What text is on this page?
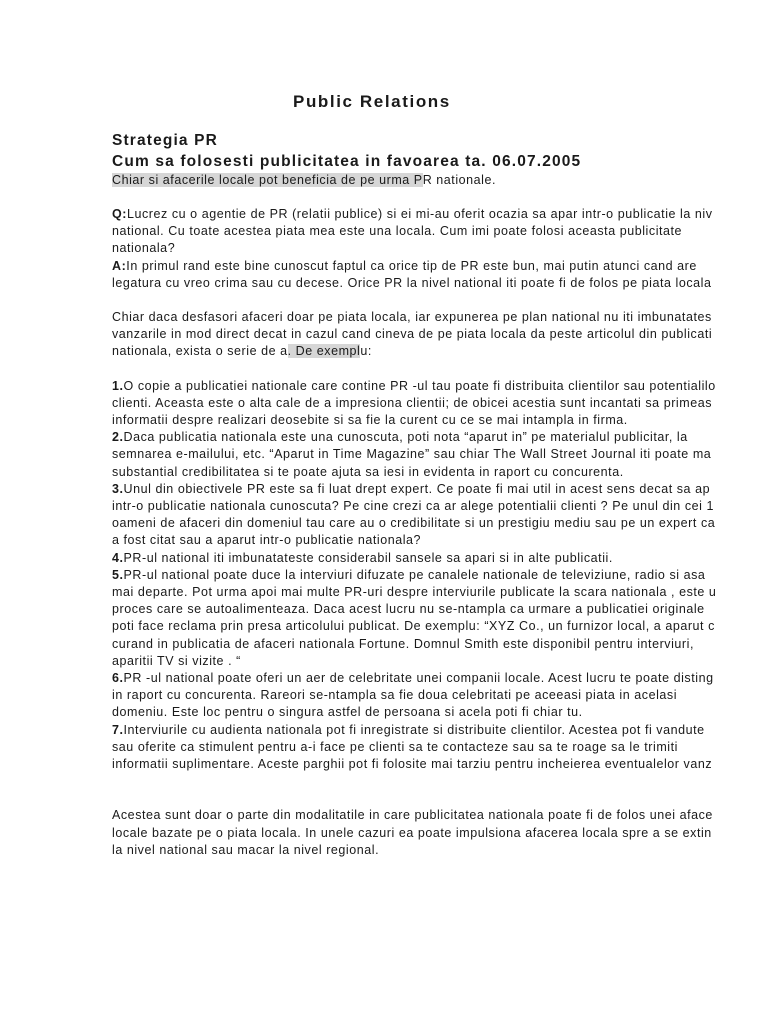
Public Relations
Strategia PR
Cum sa folosesti publicitatea in favoarea ta. 06.07.2005
Chiar si afacerile locale pot beneficia de pe urma PR nationale.
Q:Lucrez cu o agentie de PR (relatii publice) si ei mi-au oferit ocazia sa apar intr-o publicatie la niv
national. Cu toate acestea piata mea este una locala. Cum imi poate folosi aceasta publicitate
nationala?
A:In primul rand este bine cunoscut faptul ca orice tip de PR este bun, mai putin atunci cand are
legatura cu vreo crima sau cu decese. Orice PR la nivel national iti poate fi de folos pe piata locala
Chiar daca desfasori afaceri doar pe piata locala, iar expunerea pe plan national nu iti imbunatates
vanzarile in mod direct decat in cazul cand cineva de pe piata locala da peste articolul din publicati
nationala, exista o serie de a. De exemplu:
1.O copie a publicatiei nationale care contine PR -ul tau poate fi distribuita clientilor sau potentialilo
clienti. Aceasta este o alta cale de a impresiona clientii; de obicei acestia sunt incantati sa primeas
informatii despre realizari deosebite si sa fie la curent cu ce se mai intampla in firma.
2.Daca publicatia nationala este una cunoscuta, poti nota “aparut in” pe materialul publicitar, la
semnarea e-mailului, etc. “Aparut in Time Magazine” sau chiar The Wall Street Journal iti poate ma
substantial credibilitatea si te poate ajuta sa iesi in evidenta in raport cu concurenta.
3.Unul din obiectivele PR este sa fi luat drept expert. Ce poate fi mai util in acest sens decat sa ap
intr-o publicatie nationala cunoscuta? Pe cine crezi ca ar alege potentialii clienti ? Pe unul din cei 1
oameni de afaceri din domeniul tau care au o credibilitate si un prestigiu mediu sau pe un expert ca
a fost citat sau a aparut intr-o publicatie nationala?
4.PR-ul national iti imbunatateste considerabil sansele sa apari si in alte publicatii.
5.PR-ul national poate duce la interviuri difuzate pe canalele nationale de televiziune, radio si asa
mai departe. Pot urma apoi mai multe PR-uri despre interviurile publicate la scara nationala , este u
proces care se autoalimenteaza. Daca acest lucru nu se-ntampla ca urmare a publicatiei originale
poti face reclama prin presa articolului publicat. De exemplu: “XYZ Co., un furnizor local, a aparut c
curand in publicatia de afaceri nationala Fortune. Domnul Smith este disponibil pentru interviuri,
aparitii TV si vizite . “
6.PR -ul national poate oferi un aer de celebritate unei companii locale. Acest lucru te poate disting
in raport cu concurenta. Rareori se-ntampla sa fie doua celebritati pe aceeasi piata in acelasi
domeniu. Este loc pentru o singura astfel de persoana si acela poti fi chiar tu.
7.Interviurile cu audienta nationala pot fi inregistrate si distribuite clientilor. Acestea pot fi vandute
sau oferite ca stimulent pentru a-i face pe clienti sa te contacteze sau sa te roage sa le trimiti
informatii suplimentare. Aceste parghii pot fi folosite mai tarziu pentru incheierea eventualelor vanz
Acestea sunt doar o parte din modalitatile in care publicitatea nationala poate fi de folos unei aface
locale bazate pe o piata locala. In unele cazuri ea poate impulsiona afacerea locala spre a se extin
la nivel national sau macar la nivel regional.
